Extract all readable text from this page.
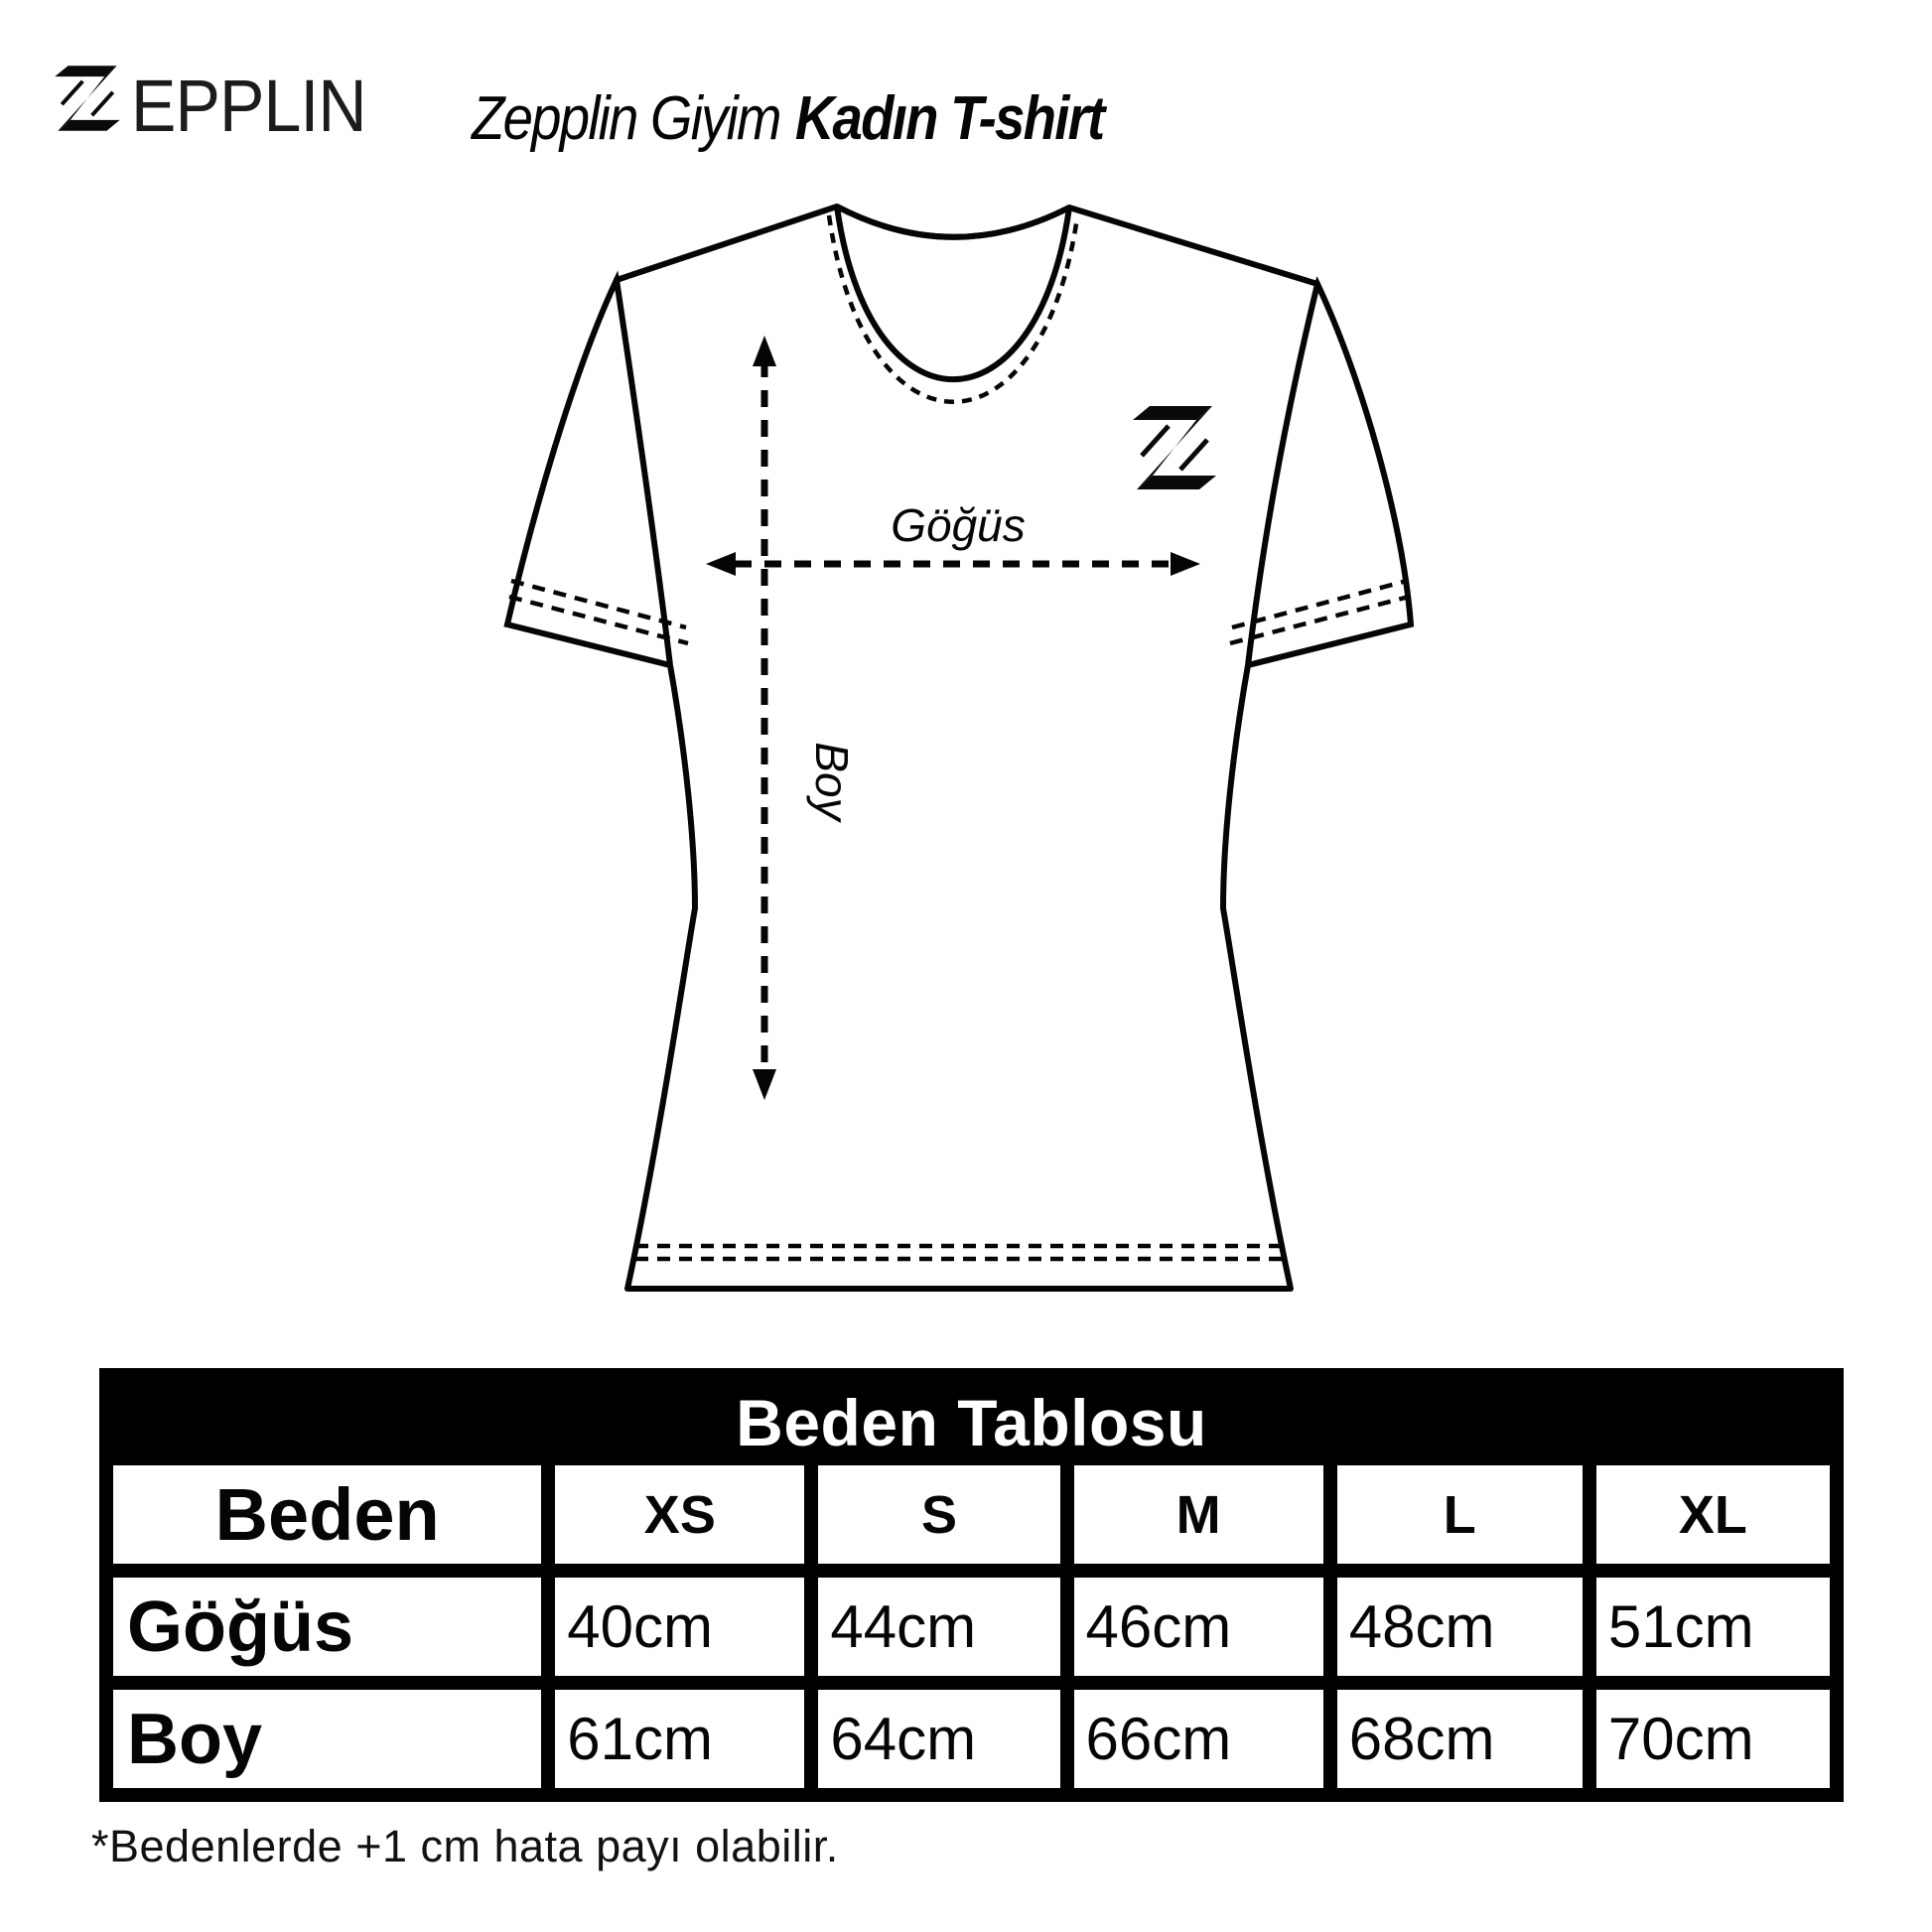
EPPLIN Zepplin Giyim Kadın T-shirt
Göğüs
Boy
Beden Tablosu
Beden	XS	S	M	L	XL
Göğüs	40cm	44cm	46cm	48cm	51cm
Boy	61cm	64cm	66cm	68cm	70cm
*Bedenlerde +1 cm hata payı olabilir.
